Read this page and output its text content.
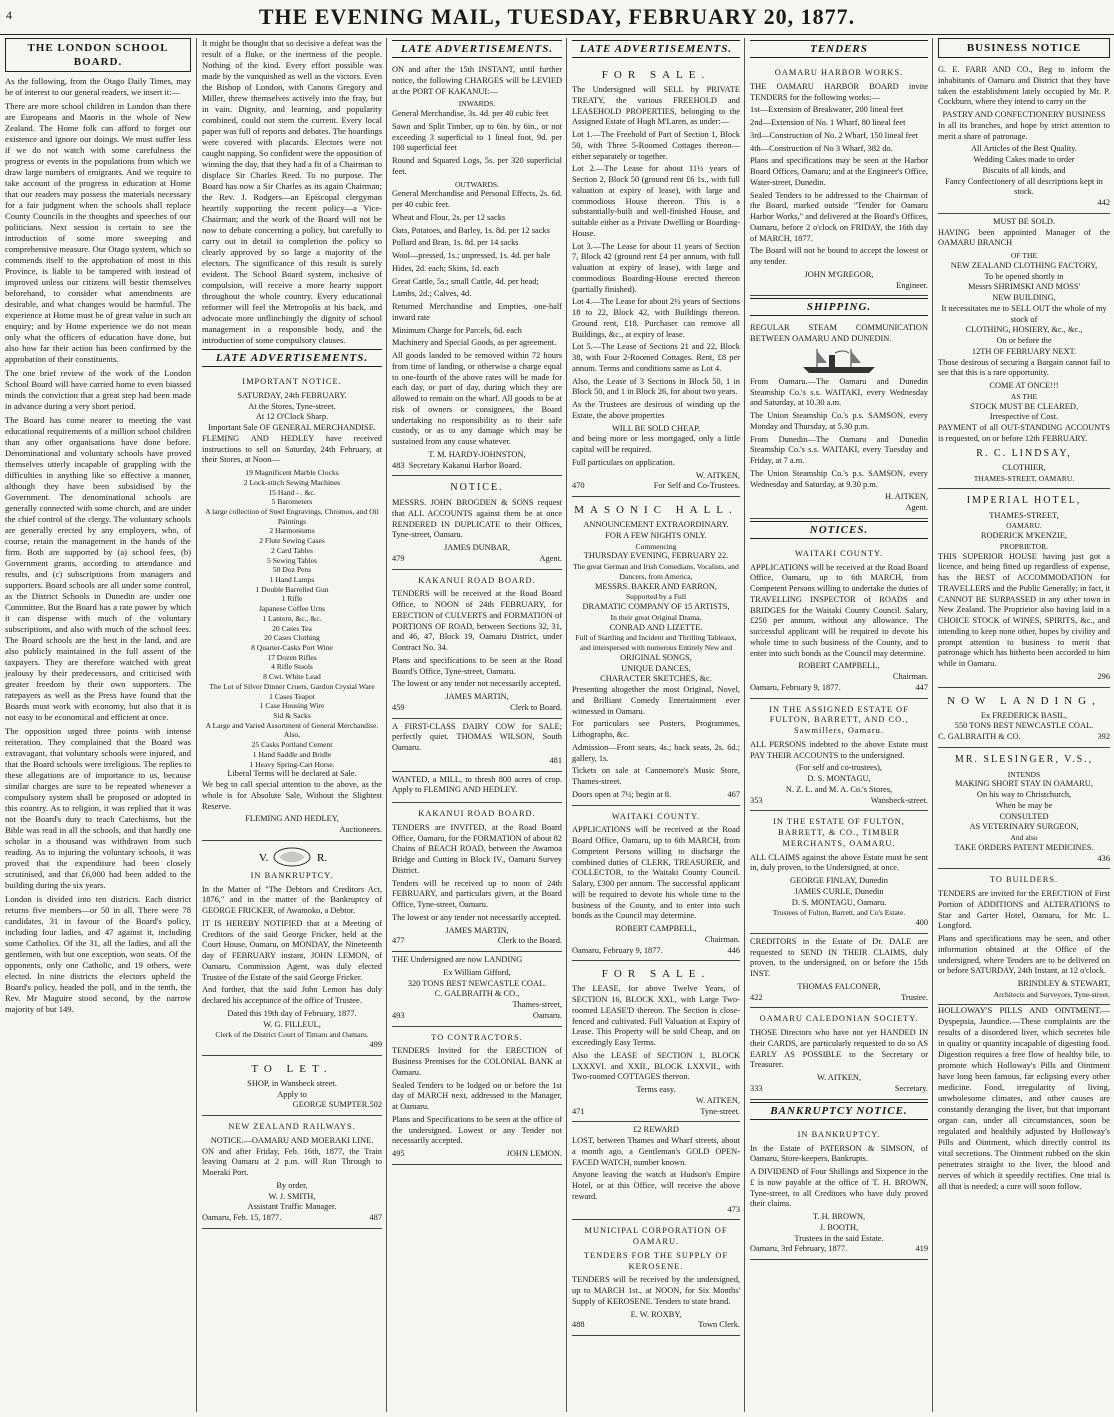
4	THE EVENING MAIL, TUESDAY, FEBRUARY 20, 1877.
THE LONDON SCHOOL BOARD.

As the following, from the Otago Daily Times, may be of interest to our general readers, we insert it:—

There are more school children in London than there are Europeans and Maoris in the whole of New Zealand. The Home folk can afford to forget our existence and ignore our doings. We must suffer less if we do not watch with some carefulness the progress or events in the populations from which we draw large numbers of emigrants. And we require to take account of the progress in education at Home that our readers may possess the materials necessary for a fair judgment when the schools shall replace County Councils in the thoughts and speeches of our politicians. Next session is certain to see the introduction of some more sweeping and comprehensive measure. Our Otago system, which so commends itself to the approbation of most in this Province, is liable to be tampered with instead of improved unless our citizens will bestir themselves beforehand, to consider what amendments are desirable, and what changes would be harmful. The experience at Home must be of great value in such an enquiry; and by Home experience we do not mean only what the officers of education have done, but also how far their action has been confirmed by the approbation of their constituents.

The one brief review of the work of the London School Board will have carried home to even biassed minds the conviction that a great step had been made in advance during a very short period.

The Board has come nearer to meeting the vast educational requirements of a million school children than any other organisations have done before. Denominational and voluntary schools have proved themselves utterly incapable of grappling with the difficulties in anything like so effective a manner, although they have been subsidised by the Government. The denominational schools are generally connected with some church, and are under the chief control of the clergy. The voluntary schools are generally erected by any employers, who, of course, retain the management in the hands of the firm. Both are supported by (a) school fees, (b) Government grants, according to attendance and results, and (c) subscriptions from managers and supporters. Board schools are all under some control, as the District Schools in Dunedin are under one Committee. But the Board has a rate power by which it can dispense with much of the voluntary subscriptions, and also with much of the school fees. The Board schools are the best in the land, and are also publicly maintained in the full assent of the taxpayers. They are therefore watched with great jealousy by their predecessors, and criticised with greater freedom by their own supporters. The ratepayers as well as the Press have found that the Boards must work with economy, but also that it is not easy to be economical and efficient at once.

The opposition urged three points with intense reiteration. They complained that the Board was extravagant, that voluntary schools were injured, and that the Board schools were irreligious. The replies to these allegations are of importance to us, because similar charges are sure to be repeated whenever a compulsory system shall be proposed or adopted in this country. As to religion, it was replied that it was not the Board's duty to teach Catechisms, but the Bible was read in all the schools, and that hardly one scholar in a thousand was withdrawn from such reading. As to injuring the voluntary schools, it was proved that the expenditure had been closely scrutinised, and that £6,000 had been added to the building during the six years.

London is divided into ten districts. Each district returns five members—or 50 in all. There were 78 candidates, 31 in favour of the Board's policy, including four ladies, and 47 against it, including some Catholics. Of the 31, all the ladies, and all the gentlemen, with but one exception, won seats. Of the opponents, only one Catholic, and 19 others, were elected. In nine districts the electors upheld the Board's policy, headed the poll, and in the tenth, the Rev. Mr Maguire stood second, by the narrow majority of but 149.

It might be thought that so decisive a defeat was the result of a fluke, or the inertness of the people. Nothing of the kind. Every effort possible was made by the vanquished as well as the victors. Even the Bishop of London, with Canons Gregory and Miller, threw themselves actively into the fray, but in vain. Dignity, and learning, and popularity combined, could not stem the current. Every local paper was full of reports and debates. The hoardings were covered with placards. Electors were not caught napping. So confident were the opposition of winning the day, that they had a fit of a Chairman to displace Sir Charles Reed. To no purpose. The Board has now a Sir Charles as its again Chairman; the Rev. J. Rodgers—an Episcopal clergyman heartily supporting the recent policy—a Vice-Chairman; and the work of the Board will not be now to debate concerning a policy, but carefully to carry out in detail to completion the policy so clearly approved by so large a majority of the electors. The significance of this result is surely evident. The School Board system, inclusive of compulsion, will receive a more hearty support throughout the whole country. Every educational reformer will feel the Metropolis at his back, and advocate more unflinchingly the dignity of school management in a responsible body, and the introduction of some compulsory clauses.

LATE ADVERTISEMENTS.
IMPORTANT NOTICE.
SATURDAY, 24th FEBRUARY.
At the Stores, Tyne-street.
At 12 O'Clock Sharp.
Important Sale OF GENERAL MERCHANDISE.

FLEMING AND HEDLEY have received instructions to sell on Saturday, 24th February, at their Stores, at Noon—

19 Magnificent Marble Clocks
2 Lock-stitch Sewing Machines
15 Hand - . &c.
5 Barometers
A large collection of Steel Engravings, Chromos, and Oil Paintings
2 Harmoniums
2 Flute Sewing Cases
2 Card Tables
5 Sewing Tables
50 Doz Pens
1 Hand Lamps
1 Double Barrelled Gun
1 Rifle
Japanese Coffee Urns
1 Lantern, &c., &c.
20 Cases Tea
20 Cases Clothing
8 Quarter-Casks Port Wine
17 Dozen Rifles
4 Rifle Stools
8 Cwt. White Lead
The Lot of Silver Dinner Cruets, Gardon Crystal Ware
1 Cases Teapot
1 Case Housing Wire
Sid & Sacks
A Large and Varied Assortment of General Merchandise.
Also,
25 Casks Portland Cement
1 Hand Saddle and Bridle
1 Heavy Spring-Cart Horse.
Liberal Terms will be declared at Sale.

We beg to call special attention to the above, as the whole is for Absolute Sale, Without the Slightest Reserve.

FLEMING AND HEDLEY,
Auctioneers.
V.	R.
IN BANKRUPTCY.

In the Matter of "The Debtors and Creditors Act, 1876," and in the matter of the Bankruptcy of GEORGE FRICKER, of Awamoko, a Debtor.

IT IS HEREBY NOTIFIED that at a Meeting of Creditors of the said George Fricker, held at the Court House, Oamaru, on MONDAY, the Nineteenth day of FEBRUARY instant, JOHN LEMON, of Oamaru, Commission Agent, was duly elected Trustee of the Estate of the said George Fricker.

And further, that the said John Lemon has duly declared his acceptance of the office of Trustee.

Dated this 19th day of February, 1877.
W. G. FILLEUL,
Clerk of the District Court of Timaru and Oamaru.
499
TO LET.
SHOP, in Wansbeck street.
Apply to
502
GEORGE SUMPTER.
NEW ZEALAND RAILWAYS.
NOTICE.—OAMARU AND MOERAKI LINE.

ON and after Friday, Feb. 16th, 1877, the Train leaving Oamaru at 2 p.m. will Run Through to Moeraki Port.

By order,
W. J. SMITH,
Assistant Traffic Manager.
487
Oamaru, Feb. 15, 1877.
LATE ADVERTISEMENTS.

ON and after the 15th INSTANT, until further notice, the following CHARGES will be LEVIED at the PORT OF KAKANUI:—

INWARDS.

General Merchandise, 3s. 4d. per 40 cubic feet

Sawn and Split Timber, up to 6in. by 6in., or not exceeding 3 superficial to 1 lineal foot, 9d. per 100 superficial feet

Round and Squared Logs, 5s. per 320 superficial feet.

OUTWARDS.

General Merchandise and Personal Effects, 2s. 6d. per 40 cubic feet.

Wheat and Flour, 2s. per 12 sacks

Oats, Potatoes, and Barley, 1s. 8d. per 12 sacks

Pollard and Bran, 1s. 8d. per 14 sacks

Wool—pressed, 1s.; unpressed, 1s. 4d. per bale

Hides, 2d. each; Skins, 1d. each

Great Cattle, 5s.; small Cattle, 4d. per head;

Lambs, 2d.; Calves, 4d.

Returned Merchandise and Empties, one-half inward rate

Minimum Charge for Parcels, 6d. each

Machinery and Special Goods, as per agreement.

All goods landed to be removed within 72 hours from time of landing, or otherwise a charge equal to one-fourth of the above rates will be made for each day, or part of day, during which they are allowed to remain on the wharf. All goods to be at risk of owners or consignees, the Board undertaking no responsibility as to their safe custody, or as to any damage which may be sustained from any cause whatever.

T. M. HARDY-JOHNSTON,
483 Secretary Kakanui Harbor Board.
NOTICE.

MESSRS. JOHN BROGDEN & SONS request that ALL ACCOUNTS against them be at once RENDERED IN DUPLICATE to their Offices, Tyne-street, Oamaru.

JAMES DUNBAR,
Agent.
479
KAKANUI ROAD BOARD.

TENDERS will be received at the Road Board Office, to NOON of 24th FEBRUARY, for ERECTION of CULVERTS and FORMATION of PORTIONS OF ROAD, between Sections 32, 31, and 46, 47, Block 19, Oamaru District, under Contract No. 34.

Plans and specifications to be seen at the Road Board's Office, Tyne-street, Oamaru.

The lowest or any tender not necessarily accepted.

JAMES MARTIN,
Clerk to Board.
459

A FIRST-CLASS DAIRY COW for SALE; perfectly quiet. THOMAS WILSON, South Oamaru.

481

WANTED, a MILL, to thresh 800 acres of crop. Apply to FLEMING AND HEDLEY.

KAKANUI ROAD BOARD.

TENDERS are INVITED, at the Road Board Office, Oamaru, for the FORMATION of about 82 Chains of BEACH ROAD, between the Awamoa Bridge and Cutting in Block IV., Oamaru Survey District.

Tenders will be received up to noon of 24th FEBRUARY, and particulars given, at the Board Office, Tyne-street, Oamaru.

The lowest or any tender not necessarily accepted.

JAMES MARTIN,
Clerk to the Board.
477

THE Undersigned are now LANDING

Ex William Gifford,
320 TONS BEST NEWCASTLE COAL.
C. GALBRAITH & CO.,
Thames-street,
Oamaru.
493
TO CONTRACTORS.

TENDERS Invited for the ERECTION of Business Premises for the COLONIAL BANK at Oamaru.

Sealed Tenders to be lodged on or before the 1st day of MARCH next, addressed to the Manager, at Oamaru.

Plans and Specifications to be seen at the office of the undersigned. Lowest or any Tender not necessarily accepted.

JOHN LEMON.
495
LATE ADVERTISEMENTS.
FOR SALE.

The Undersigned will SELL by PRIVATE TREATY, the various FREEHOLD and LEASEHOLD PROPERTIES, belonging to the Assigned Estate of Hugh M'Laren, as under:—

Lot 1.—The Freehold of Part of Section 1, Block 50, with Three 5-Roomed Cottages thereon—either separately or together.

Lot 2.—The Lease for about 11½ years of Section 2, Block 50 (ground rent £6 1s., with full valuation at expiry of lease), with large and commodious House thereon. This is a substantially-built and well-finished House, and suitable either as a Private Dwelling or Boarding-House.

Lot 3.—The Lease for about 11 years of Section 7, Block 42 (ground rent £4 per annum, with full valuation at expiry of lease), with large and commodious Boarding-House erected thereon (partially finished).

Lot 4.—The Lease for about 2½ years of Sections 18 to 22, Block 42, with Buildings thereon. Ground rent, £18. Purchaser can remove all Buildings, &c., at expiry of lease.

Lot 5.—The Lease of Sections 21 and 22, Block 38, with Four 2-Roomed Cottages. Rent, £8 per annum. Terms and conditions same as Lot 4.

Also, the Lease of 3 Sections in Block 50, 1 in Block 50, and 1 in Block 26, for about two years.

As the Trustees are desirous of winding up the Estate, the above properties

WILL BE SOLD CHEAP,

and being more or less mortgaged, only a little capital will be required.

Full particulars on application.

W. AITKEN,
For Self and Co-Trustees.
470
MASONIC HALL.
ANNOUNCEMENT EXTRAORDINARY.
FOR A FEW NIGHTS ONLY.
Commencing
THURSDAY EVENING, FEBRUARY 22.
The great German and Irish Comedians, Vocalists, and Dancers, from America,
MESSRS. BAKER AND FARRON,
Supported by a Full
DRAMATIC COMPANY OF 15 ARTISTS,
In their great Original Drama,
CONRAD AND LIZETTE.
Full of Startling and Incident and Thrilling Tableaux, and interspersed with numerous Entirely New and
ORIGINAL SONGS,
UNIQUE DANCES,
CHARACTER SKETCHES, &c.

Presenting altogether the most Original, Novel, and Brilliant Comedy Entertainment ever witnessed in Oamaru.

For particulars see Posters, Programmes, Lithographs, &c.

Admission—Front seats, 4s.; back seats, 2s. 6d.; gallery, 1s.

Tickets on sale at Cannemore's Music Store, Thames-street.

467
Doors open at 7½; begin at 8.
WAITAKI COUNTY.

APPLICATIONS will be received at the Road Board Office, Oamaru, up to 6th MARCH, from Competent Persons willing to discharge the combined duties of CLERK, TREASURER, and COLLECTOR, to the Waitaki County Council. Salary, £300 per annum. The successful applicant will be required to devote his whole time to the business of the County, and to enter into such bonds as the Council may determine.

ROBERT CAMPBELL,
Chairman.
446
Oamaru, February 9, 1877.
FOR SALE.

The LEASE, for above Twelve Years, of SECTION 16, BLOCK XXI., with Large Two-roomed LEASE'D thereon. The Section is close-fenced and cultivated. Full Valuation at Expiry of Lease. This Property will be sold Cheap, and on exceedingly Easy Terms.

Also the LEASE of SECTION 1, BLOCK LXXXVI. and XXII., BLOCK LXXVII., with Two-roomed COTTAGES thereon.

Terms easy.
W. AITKEN,
Tyne-street.
471
£2 REWARD

LOST, between Thames and Wharf streets, about a month ago, a Gentleman's GOLD OPEN-FACED WATCH, number known.

Anyone leaving the watch at Hudson's Empire Hotel, or at this Office, will receive the above reward.

473
MUNICIPAL CORPORATION OF OAMARU.
TENDERS FOR THE SUPPLY OF KEROSENE.

TENDERS will be received by the undersigned, up to MARCH 1st., at NOON, for Six Months' Supply of KEROSENE. Tenders to state brand.

E. W. ROXBY,
Town Clerk.
488
TENDERS
OAMARU HARBOR WORKS.

THE OAMARU HARBOR BOARD invite TENDERS for the following works:—

1st—Extension of Breakwater, 200 lineal feet

2nd—Extension of No. 1 Wharf, 80 lineal feet

3rd—Construction of No. 2 Wharf, 150 lineal feet

4th—Construction of No 3 Wharf, 382 do.

Plans and specifications may be seen at the Harbor Board Offices, Oamaru; and at the Engineer's Office, Water-street, Dunedin.

Sealed Tenders to be addressed to the Chairman of the Board, marked outside "Tender for Oamaru Harbor Works," and delivered at the Board's Offices, Oamaru, before 2 o'clock on FRIDAY, the 16th day of MARCH, 1877.

The Board will not be bound to accept the lowest or any tender.

JOHN M'GREGOR,
Engineer.
SHIPPING.

REGULAR STEAM COMMUNICATION BETWEEN OAMARU AND DUNEDIN.

From Oamaru.—The Oamaru and Dunedin Steamship Co.'s s.s. WAITAKI, every Wednesday and Saturday, at 10.30 a.m.

The Union Steamship Co.'s p.s. SAMSON, every Monday and Thursday, at 5.30 p.m.

From Dunedin—The Oamaru and Dunedin Steamship Co.'s s.s. WAITAKI, every Tuesday and Friday, at 7 a.m.

The Union Steamship Co.'s p.s. SAMSON, every Wednesday and Saturday, at 9.30 p.m.

H. AITKEN,
Agent.
NOTICES.
WAITAKI COUNTY.

APPLICATIONS will be received at the Road Board Office, Oamaru, up to 6th MARCH, from Competent Persons willing to undertake the duties of TRAVELLING INSPECTOR of ROADS and BRIDGES for the Waitaki County Council. Salary, £250 per annum, without any allowance. The successful applicant will be required to devote his whole time to such business of the County, and to enter into such bonds as the Council may determine.

ROBERT CAMPBELL,
Chairman.
447
Oamaru, February 9, 1877.
IN THE ASSIGNED ESTATE OF FULTON, BARRETT, AND CO., Sawmillers, Oamaru.

ALL PERSONS indebted to the above Estate must PAY THEIR ACCOUNTS to the undersigned.

(For self and co-trustees),
D. S. MONTAGU,
N. Z. L. and M. A. Co.'s Stores,
Wansbeck-street.
353
IN THE ESTATE OF FULTON, BARRETT, & CO., TIMBER MERCHANTS, OAMARU.

ALL CLAIMS against the above Estate must be sent in, duly proven, to the Undersigned, at once.

GEORGE FINLAY, Dunedin
JAMES CURLE, Dunedin
D. S. MONTAGU, Oamaru.
Trustees of Fulton, Barrett, and Co's Estate.
400

CREDITORS in the Estate of Dr. DALE are requested to SEND IN THEIR CLAIMS, duly proven, to the undersigned, on or before the 15th INST.

THOMAS FALCONER,
Trustee.
422
OAMARU CALEDONIAN SOCIETY.

THOSE Directors who have not yet HANDED IN their CARDS, are particularly requested to do so AS EARLY AS POSSIBLE to the Secretary or Treasurer.

W. AITKEN,
Secretary.
333
BANKRUPTCY NOTICE.
IN BANKRUPTCY.

In the Estate of PATERSON & SIMSON, of Oamaru, Store-keepers, Bankrupts.

A DIVIDEND of Four Shillings and Sixpence in the £ is now payable at the office of T. H. BROWN, Tyne-street, to all Creditors who have duly proved their claims.

T. H. BROWN,
J. BOOTH,
Trustees in the said Estate.
419
Oamaru, 3rd February, 1877.
BUSINESS NOTICE

G. E. FARR AND CO., Beg to inform the inhabitants of Oamaru and District that they have taken the establishment lately occupied by Mr. P. Cockburn, where they intend to carry on the

PASTRY AND CONFECTIONERY BUSINESS

In all its branches, and hope by strict attention to merit a share of patronage.

All Articles of the Best Quality.
Wedding Cakes made to order
Biscuits of all kinds, and
Fancy Confectionery of all descriptions kept in stock.
442
MUST BE SOLD.

HAVING been appointed Manager of the OAMARU BRANCH

OF THE
NEW ZEALAND CLOTHING FACTORY,
To be opened shortly in
Messrs SHRIMSKI AND MOSS'
NEW BUILDING,
It necessitates me to SELL OUT the whole of my stock of
CLOTHING, HOSIERY, &c., &c.,
On or before the
12TH OF FEBRUARY NEXT.

Those desirous of securing a Bargain cannot fail to see that this is a rare opportunity.

COME AT ONCE!!!
AS THE
STOCK MUST BE CLEARED,
Irrespective of Cost.

PAYMENT of all OUT-STANDING ACCOUNTS is requested, on or before 12th FEBRUARY.

R. C. LINDSAY,
CLOTHIER,
THAMES-STREET, OAMARU.
IMPERIAL HOTEL,
THAMES-STREET,
OAMARU.
RODERICK M'KENZIE,
PROPRIETOR.

THIS SUPERIOR HOUSE having just got a licence, and being fitted up regardless of expense, has the BEST of ACCOMMODATION for TRAVELLERS and the Public Generally; in fact, it CANNOT BE SURPASSED in any other town in New Zealand. The Proprietor also having laid in a CHOICE STOCK of WINES, SPIRITS, &c., and intending to keep none other, hopes by civility and prompt attention to business to merit that patronage which has hitherto been accorded to him while in Oamaru.

296
NOW LANDING,
Ex FREDERICK BASIL,
550 TONS BEST NEWCASTLE COAL.
392
C. GALBRAITH & CO.
MR. SLESINGER, V.S.,
INTENDS
MAKING SHORT STAY IN OAMARU,
On his way to Christchurch,
When he may be
CONSULTED
AS VETERINARY SURGEON,
And also
TAKE ORDERS PATENT MEDICINES.
436
TO BUILDERS.

TENDERS are invited for the ERECTION of First Portion of ADDITIONS and ALTERATIONS to Star and Garter Hotel, Oamaru, for Mr. L. Longford.

Plans and specifications may be seen, and other information obtained at the Office of the undersigned, where Tenders are to be delivered on or before SATURDAY, 24th Instant, at 12 o'clock.

BRINDLEY & STEWART,
Architects and Surveyors, Tyne-street.

HOLLOWAY'S PILLS AND OINTMENT.—Dyspepsia, Jaundice.—These complaints are the results of a disordered liver, which secretes bile in quality or quantity incapable of digesting food. Digestion requires a free flow of healthy bile, to promote which Holloway's Pills and Ointment have long been famous, far eclipsing every other medicine. Food, irregularity of living, unwholesome climates, and other causes are constantly deranging the liver, but that important organ can, under all circumstances, soon be regulated and healthily adjusted by Holloway's Pills and Ointment, which directly control its vital secretions. The Ointment rubbed on the skin penetrates straight to the liver, the blood and nerves of which it speedily rectifies. One trial is all that is needed; a cure will soon follow.
